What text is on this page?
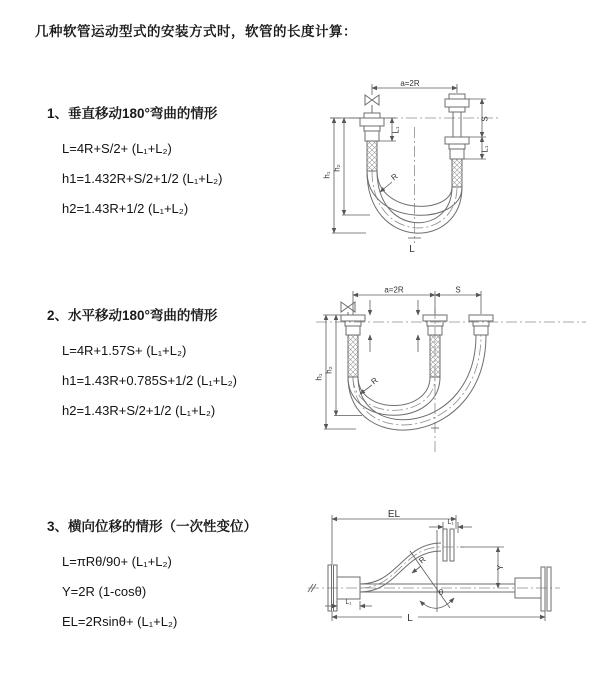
几种软管运动型式的安装方式时，软管的长度计算：
1、垂直移动180°弯曲的情形
L=4R+S/2+ (L₁+L₂)
h1=1.432R+S/2+1/2 (L₁+L₂)
h2=1.43R+1/2 (L₁+L₂)
a=2R
S
L₁
L₁
h₁
h₂
R
L
2、水平移动180°弯曲的情形
L=4R+1.57S+ (L₁+L₂)
h1=1.43R+0.785S+1/2 (L₁+L₂)
h2=1.43R+S/2+1/2 (L₁+L₂)
a=2R	S
h₁
h₂
R
3、横向位移的情形（一次性变位）
L=πRθ/90+ (L₁+L₂)
Y=2R (1-cosθ)
EL=2Rsinθ+ (L₁+L₂)
EL
L₁
L₁
Y
R
θ
L
